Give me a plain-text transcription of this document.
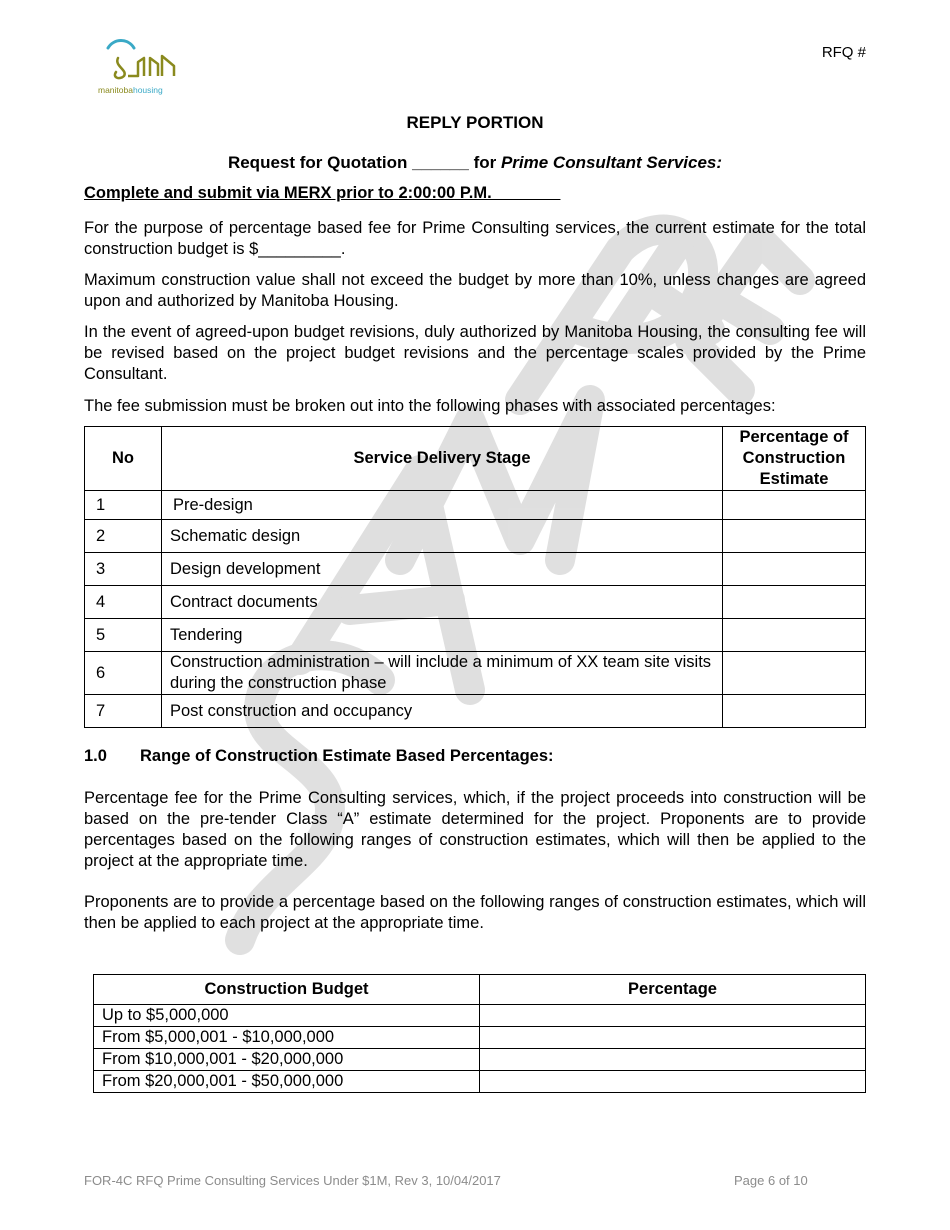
manitobahousing
RFQ #
REPLY PORTION
Request for Quotation ______ for Prime Consultant Services:
Complete and submit via MERX prior to 2:00:00 P.M.
For the purpose of percentage based fee for Prime Consulting services, the current estimate for the total construction budget is $_________.
Maximum construction value shall not exceed the budget by more than 10%, unless changes are agreed upon and authorized by Manitoba Housing.
In the event of agreed-upon budget revisions, duly authorized by Manitoba Housing, the consulting fee will be revised based on the project budget revisions and the percentage scales provided by the Prime Consultant.
The fee submission must be broken out into the following phases with associated percentages:
No	Service Delivery Stage	Percentage of Construction Estimate
1	Pre-design	
2	Schematic design	
3	Design development	
4	Contract documents	
5	Tendering	
6	Construction administration – will include a minimum of XX team site visits during the construction phase	
7	Post construction and occupancy	
1.0 Range of Construction Estimate Based Percentages:
Percentage fee for the Prime Consulting services, which, if the project proceeds into construction will be based on the pre-tender Class “A” estimate determined for the project. Proponents are to provide percentages based on the following ranges of construction estimates, which will then be applied to the project at the appropriate time.
Proponents are to provide a percentage based on the following ranges of construction estimates, which will then be applied to each project at the appropriate time.
Construction Budget	Percentage
Up to $5,000,000	
From $5,000,001 - $10,000,000	
From $10,000,001 - $20,000,000	
From $20,000,001 - $50,000,000	
FOR-4C RFQ Prime Consulting Services Under $1M, Rev 3, 10/04/2017	Page 6 of 10
